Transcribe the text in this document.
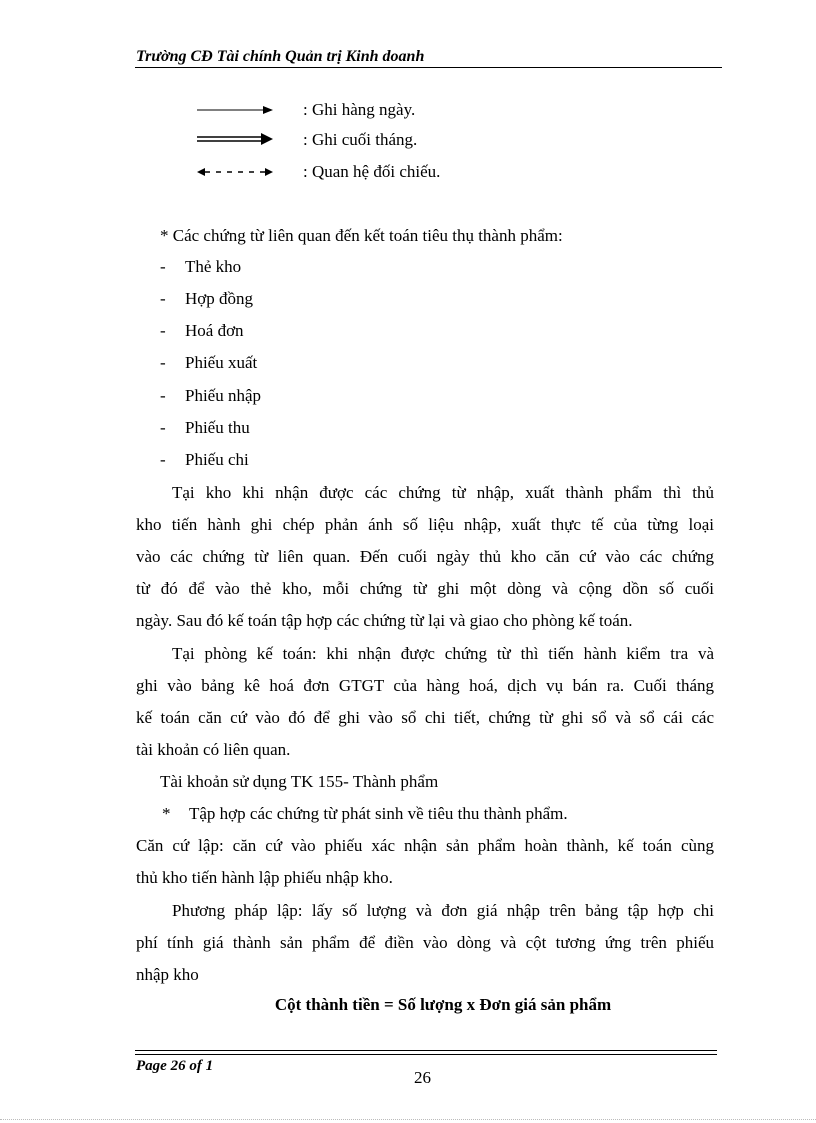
Trường CĐ Tài chính Quản trị Kinh doanh
: Ghi hàng ngày.
: Ghi cuối tháng.
: Quan hệ đối chiếu.
* Các chứng từ liên quan đến kết toán tiêu thụ thành phẩm:
- Thẻ kho
- Hợp đồng
- Hoá đơn
- Phiếu xuất
- Phiếu nhập
- Phiếu thu
- Phiếu chi
Tại kho khi nhận được các chứng từ nhập, xuất thành phẩm thì thủ
kho tiến hành ghi chép phản ánh số liệu nhập, xuất thực tế của từng loại
vào các chứng từ liên quan. Đến cuối ngày thủ kho căn cứ vào các chứng
từ đó để vào thẻ kho, mỗi chứng từ ghi một dòng và cộng dồn số cuối
ngày. Sau đó kế toán tập hợp các chứng từ lại và giao cho phòng kế toán.
Tại phòng kế toán: khi nhận được chứng từ thì tiến hành kiểm tra và
ghi vào bảng kê hoá đơn GTGT của hàng hoá, dịch vụ bán ra. Cuối tháng
kế toán căn cứ vào đó để ghi vào sổ chi tiết, chứng từ ghi sổ và sổ cái các
tài khoản có liên quan.
Tài khoản sử dụng TK 155- Thành phẩm
* Tập hợp các chứng từ phát sinh về tiêu thu thành phẩm.
Căn cứ lập: căn cứ vào phiếu xác nhận sản phẩm hoàn thành, kế toán cùng
thủ kho tiến hành lập phiếu nhập kho.
Phương pháp lập: lấy số lượng và đơn giá nhập trên bảng tập hợp chi
phí tính giá thành sản phẩm để điền vào dòng và cột tương ứng trên phiếu
nhập kho
Cột thành tiền = Số lượng x Đơn giá sản phẩm
Page 26 of 1
26
